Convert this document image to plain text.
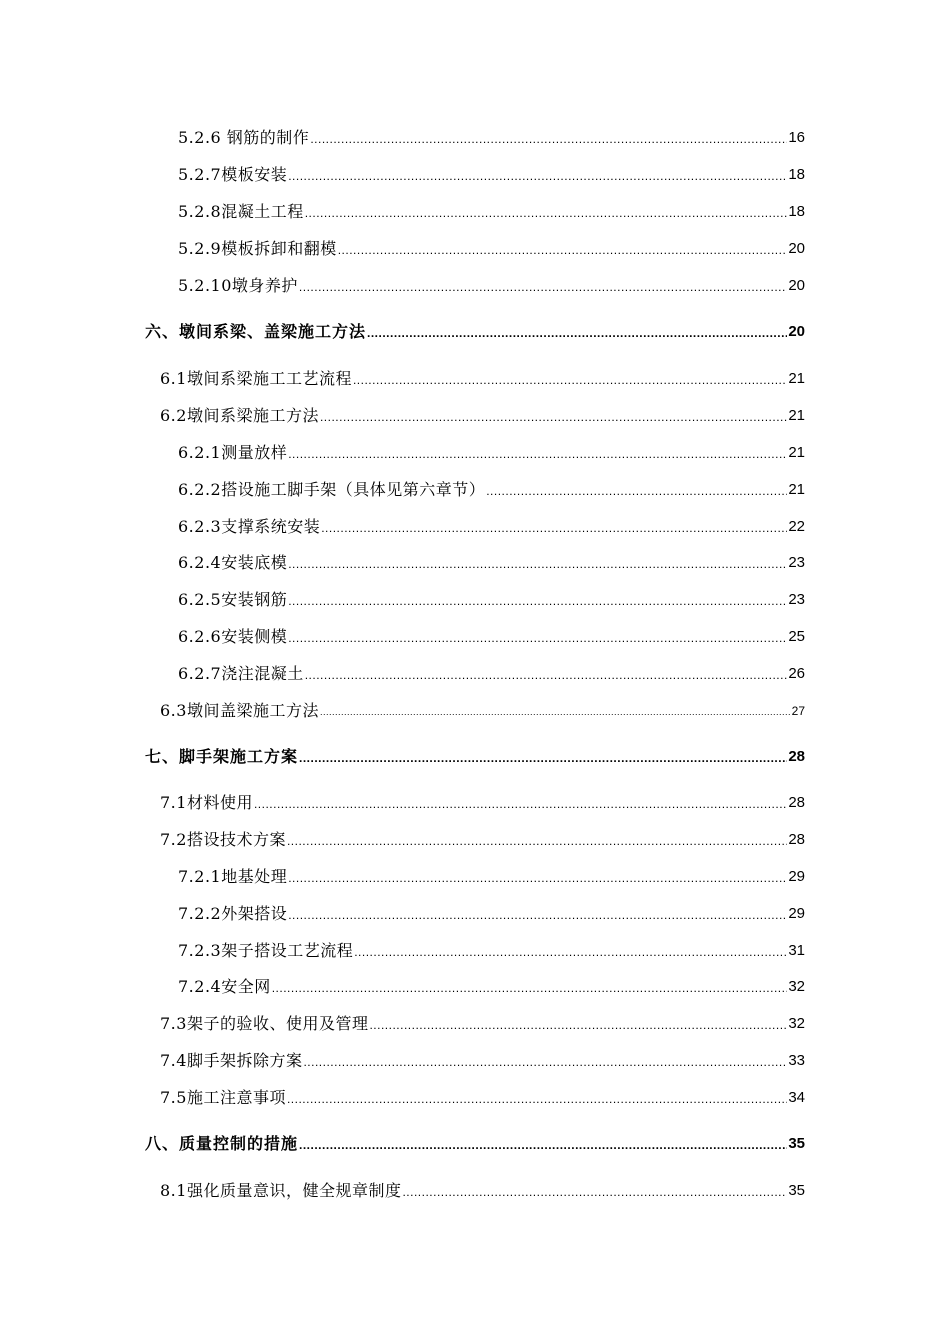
5.2.6 钢筋的制作 .....	16
5.2.7模板安装 .....	18
5.2.8混凝土工程 .....	18
5.2.9模板拆卸和翻模 .....	20
5.2.10墩身养护 .....	20
六、墩间系梁、盖梁施工方法 .....	20
6.1墩间系梁施工工艺流程 .....	21
6.2墩间系梁施工方法 .....	21
6.2.1测量放样 .....	21
6.2.2搭设施工脚手架（具体见第六章节） .....	21
6.2.3支撑系统安装 .....	22
6.2.4安装底模 .....	23
6.2.5安装钢筋 .....	23
6.2.6安装侧模 .....	25
6.2.7浇注混凝土 .....	26
6.3墩间盖梁施工方法 .....	27
七、脚手架施工方案 .....	28
7.1材料使用 .....	28
7.2搭设技术方案 .....	28
7.2.1地基处理 .....	29
7.2.2外架搭设 .....	29
7.2.3架子搭设工艺流程 .....	31
7.2.4安全网 .....	32
7.3架子的验收、使用及管理 .....	32
7.4脚手架拆除方案 .....	33
7.5施工注意事项 .....	34
八、质量控制的措施 .....	35
8.1强化质量意识，健全规章制度 .....	35
